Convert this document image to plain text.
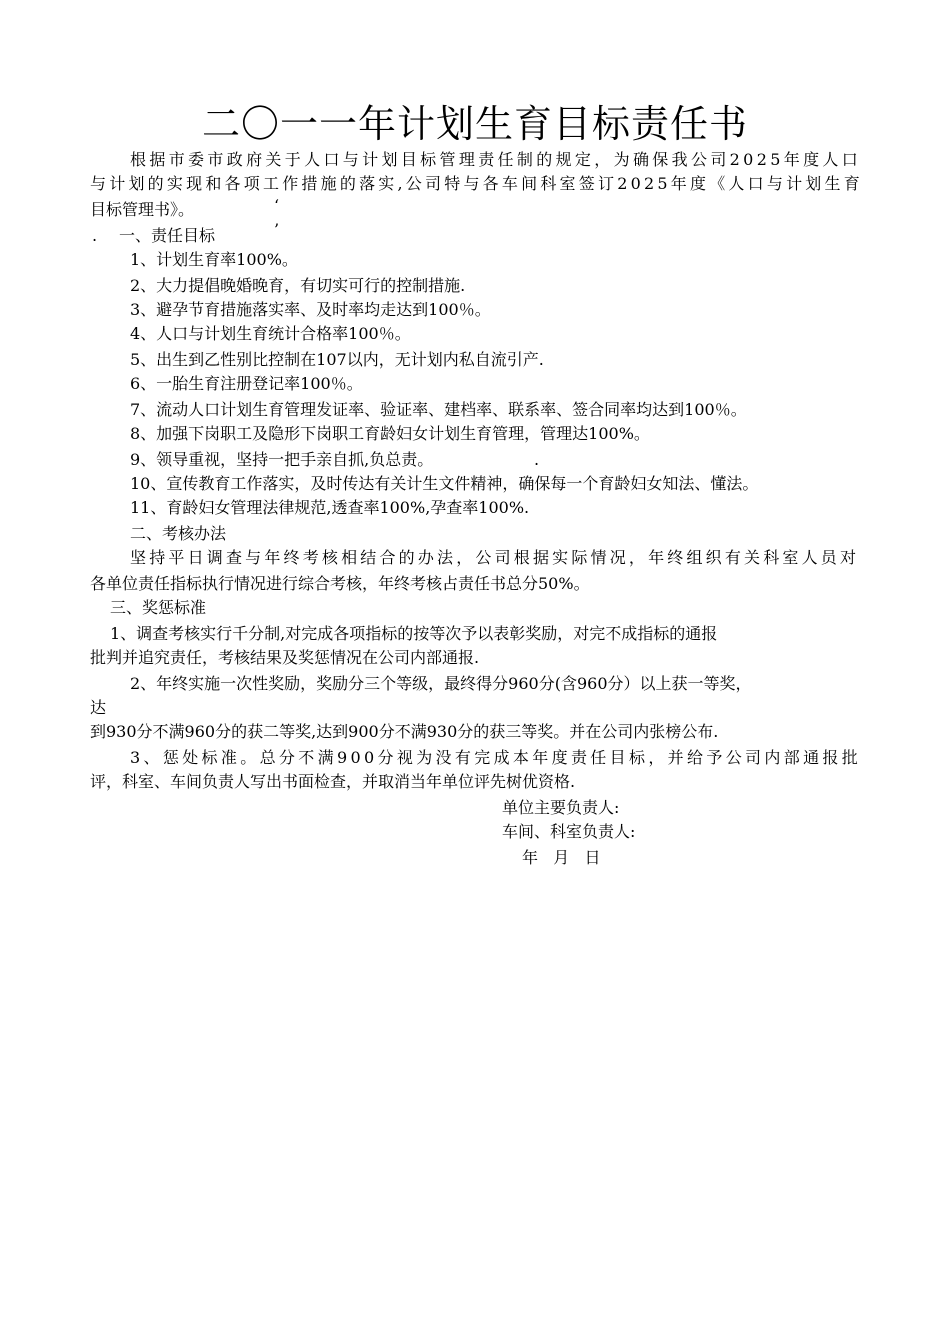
二〇一一年计划生育目标责任书
根 据 市 委 市 政 府 关 于 人 口 与 计 划 目 标 管 理 责 任 制 的 规 定 ， 为 确 保 我 公 司 2 0 2 5 年 度 人 口
与 计 划 的 实 现 和 各 项 工 作 措 施 的 落 实 , 公 司 特 与 各 车 间 科 室 签 订 2 0 2 5 年 度 《 人 口 与 计 划 生 育
目标管理书》。	‘
’
. 一、责任目标
1、计划生育率100%。
2、大力提倡晚婚晚育，有切实可行的控制措施.
3、避孕节育措施落实率、及时率均走达到100％。
4、人口与计划生育统计合格率100％。
5、出生到乙性别比控制在107以内，无计划内私自流引产.
6、一胎生育注册登记率100％。
7、流动人口计划生育管理发证率、验证率、建档率、联系率、签合同率均达到100％。
8、加强下岗职工及隐形下岗职工育龄妇女计划生育管理，管理达100%。
9、领导重视，坚持一把手亲自抓,负总责。	.
10、宣传教育工作落实，及时传达有关计生文件精神，确保每一个育龄妇女知法、懂法。
11、育龄妇女管理法律规范,透查率100%,孕查率100%.
二、考核办法
坚 持 平 日 调 查 与 年 终 考 核 相 结 合 的 办 法 ， 公 司 根 据 实 际 情 况 ， 年 终 组 织 有 关 科 室 人 员 对
各单位责任指标执行情况进行综合考核，年终考核占责任书总分50%。
三、奖惩标准
1、调查考核实行千分制,对完成各项指标的按等次予以表彰奖励，对完不成指标的通报
批判并追究责任，考核结果及奖惩情况在公司内部通报.
2、年终实施一次性奖励，奖励分三个等级，最终得分960分(含960分）以上获一等奖，
达
到930分不满960分的获二等奖,达到900分不满930分的获三等奖。并在公司内张榜公布.
3 、 惩 处 标 准 。 总 分 不 满 9 0 0 分 视 为 没 有 完 成 本 年 度 责 任 目 标 ， 并 给 予 公 司 内 部 通 报 批
评，科室、车间负责人写出书面检查，并取消当年单位评先树优资格.
单位主要负责人:
车间、科室负责人:
年   月   日
